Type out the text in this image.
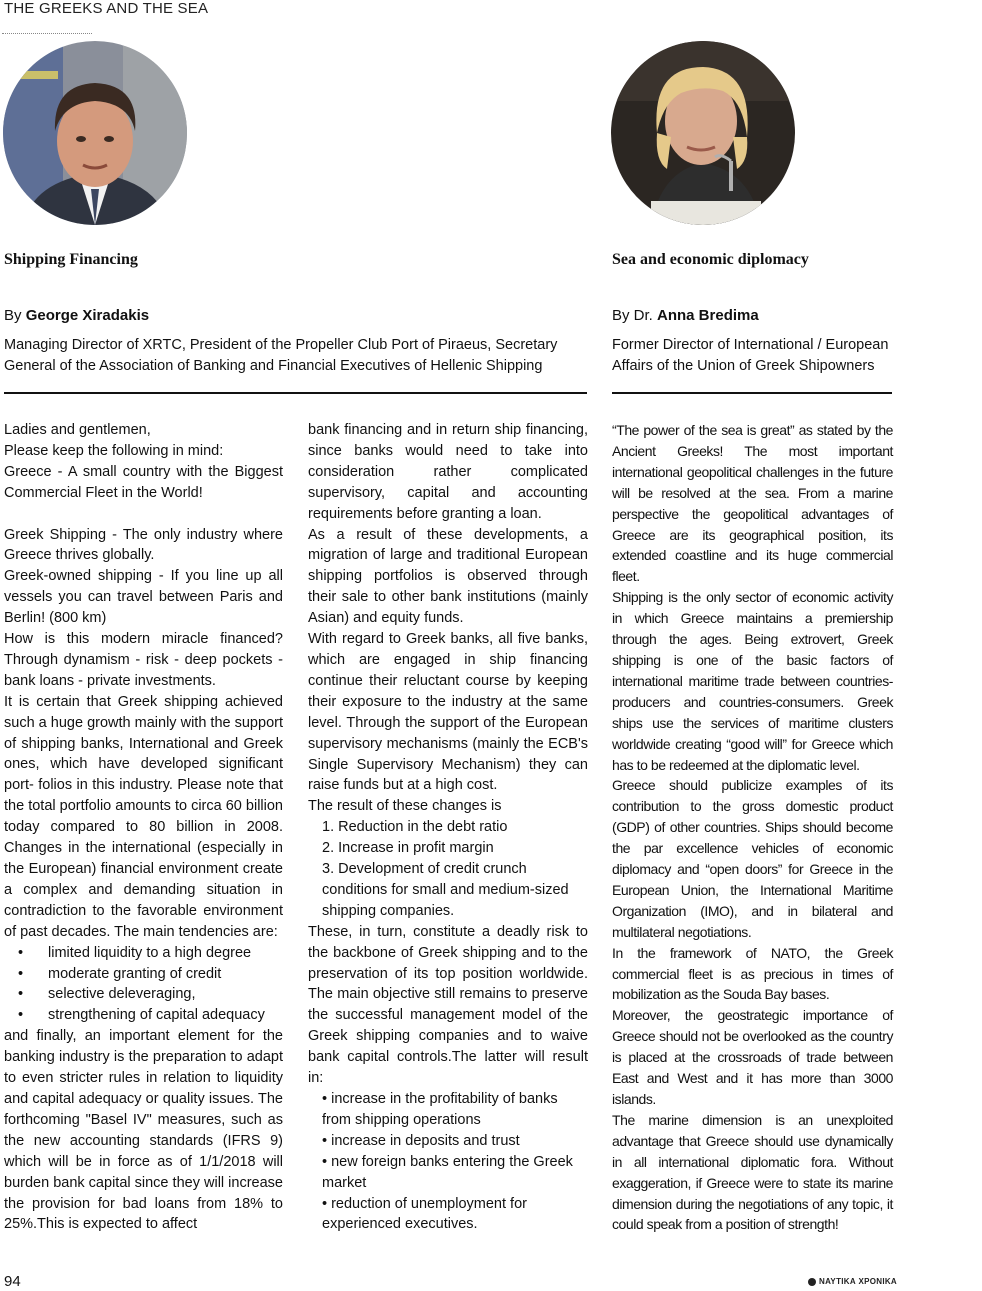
THE GREEKS AND THE SEA
Shipping Financing
By George Xiradakis
Managing Director of XRTC, President of the Propeller Club Port of Piraeus, Secretary
General of the Association of Banking and Financial Executives of Hellenic Shipping
Sea and economic diplomacy
By Dr. Anna Bredima
Former Director of International / European
Affairs of the Union of Greek Shipowners

Ladies and gentlemen,

Please keep the following in mind:

Greece - A small country with the Biggest Commercial Fleet in the World!

Greek Shipping - The only industry where Greece thrives globally.

Greek-owned shipping - If you line up all vessels you can travel between Paris and Berlin! (800 km)

How is this modern miracle financed? Through dynamism - risk - deep pockets - bank loans - private investments.

It is certain that Greek shipping achieved such a huge growth mainly with the support of shipping banks, International and Greek ones, which have developed significant port- folios in this industry. Please note that the total portfolio amounts to circa 60 billion today compared to 80 billion in 2008. Changes in the international (especially in the European) financial environment create a complex and demanding situation in contradiction to the favorable environment of past decades. The main tendencies are:

•	limited liquidity to a high degree
•	moderate granting of credit
•	selective deleveraging,
•	strengthening of capital adequacy

and finally, an important element for the banking industry is the preparation to adapt to even stricter rules in relation to liquidity and capital adequacy or quality issues. The forthcoming "Basel IV" measures, such as the new accounting standards (IFRS 9) which will be in force as of 1/1/2018 will burden bank capital since they will increase the provision for bad loans from 18% to 25%.This is expected to affect

bank financing and in return ship financing, since banks would need to take into consideration rather complicated supervisory, capital and accounting requirements before granting a loan.

As a result of these developments, a migration of large and traditional European shipping portfolios is observed through their sale to other bank institutions (mainly Asian) and equity funds.

With regard to Greek banks, all five banks, which are engaged in ship financing continue their reluctant course by keeping their exposure to the industry at the same level. Through the support of the European supervisory mechanisms (mainly the ECB's Single Supervisory Mechanism) they can raise funds but at a high cost.

The result of these changes is

1. Reduction in the debt ratio

2. Increase in profit margin

3. Development of credit crunch conditions for small and medium-sized shipping companies.

These, in turn, constitute a deadly risk to the backbone of Greek shipping and to the preservation of its top position worldwide. The main objective still remains to preserve the successful management model of the Greek shipping companies and to waive bank capital controls.The latter will result in:

• increase in the profitability of banks from shipping operations

• increase in deposits and trust

• new foreign banks entering the Greek market

• reduction of unemployment for experienced executives.

“The power of the sea is great” as stated by the Ancient Greeks! The most important international geopolitical challenges in the future will be resolved at the sea. From a marine perspective the geopolitical advantages of Greece are its geographical position, its extended coastline and its huge commercial fleet.

Shipping is the only sector of economic activity in which Greece maintains a premiership through the ages. Being extrovert, Greek shipping is one of the basic factors of international maritime trade between countries-producers and countries-consumers. Greek ships use the services of maritime clusters worldwide creating “good will” for Greece which has to be redeemed at the diplomatic level.

Greece should publicize examples of its contribution to the gross domestic product (GDP) of other countries. Ships should become the par excellence vehicles of economic diplomacy and “open doors” for Greece in the European Union, the International Maritime Organization (IMO), and in bilateral and multilateral negotiations.

In the framework of NATO, the Greek commercial fleet is as precious in times of mobilization as the Souda Bay bases.

Moreover, the geostrategic importance of Greece should not be overlooked as the country is placed at the crossroads of trade between East and West and it has more than 3000 islands.

The marine dimension is an unexploited advantage that Greece should use dynamically in all international diplomatic fora. Without exaggeration, if Greece were to state its marine dimension during the negotiations of any topic, it could speak from a position of strength!

94	ΝΑΥΤΙΚΑ ΧΡΟΝΙΚΑ
